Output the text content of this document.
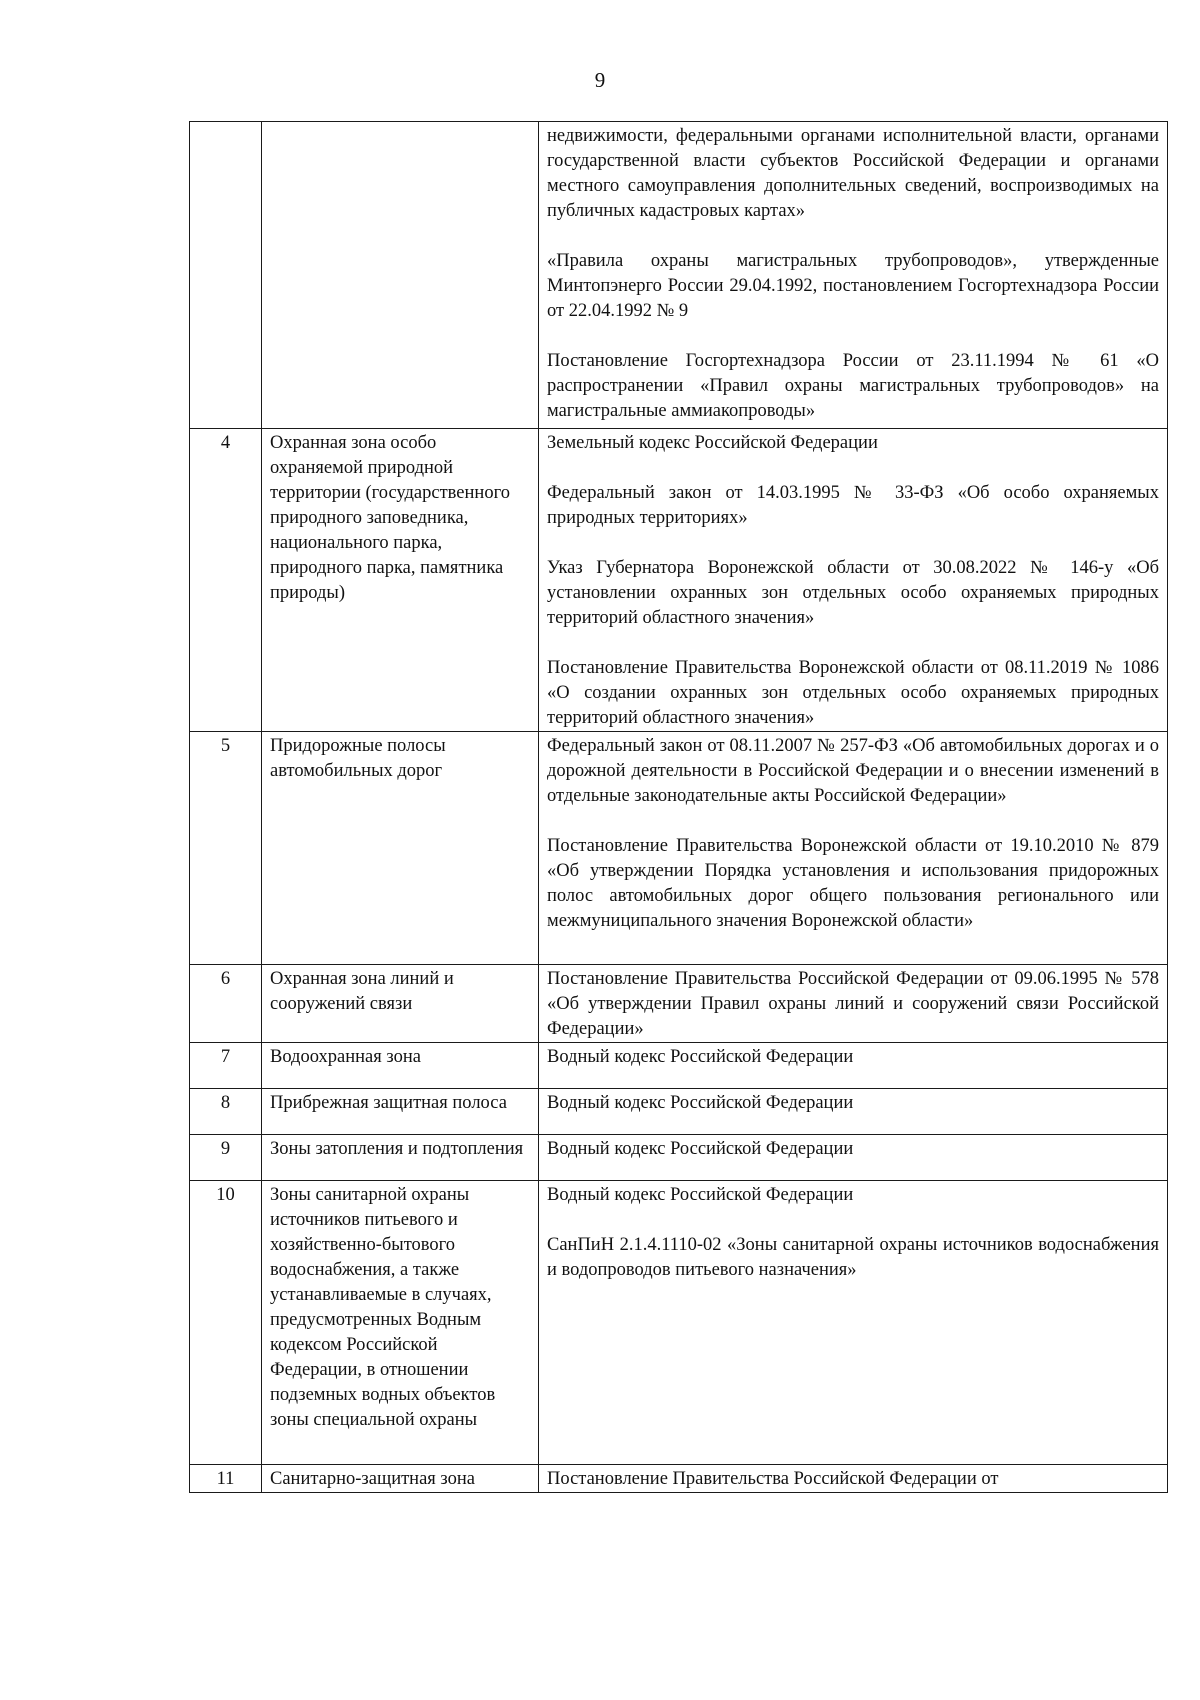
9

		недвижимости, федеральными органами исполнительной власти, органами государственной власти субъектов Российской Федерации и органами местного самоуправления дополнительных сведений, воспроизводимых на публичных кадастровых картах»
«Правила охраны магистральных трубопроводов», утвержденные Минтопэнерго России 29.04.1992, постановлением Госгортехнадзора России от 22.04.1992 № 9
Постановление Госгортехнадзора России от 23.11.1994 № 61 «О распространении «Правил охраны магистральных трубопроводов» на магистральные аммиакопроводы»

4	Охранная зона особо охраняемой природной территории (государственного природного заповедника, национального парка, природного парка, памятника природы)	Земельный кодекс Российской Федерации
Федеральный закон от 14.03.1995 № 33-ФЗ «Об особо охраняемых природных территориях»
Указ Губернатора Воронежской области от 30.08.2022 № 146-у «Об установлении охранных зон отдельных особо охраняемых природных территорий областного значения»
Постановление Правительства Воронежской области от 08.11.2019 № 1086 «О создании охранных зон отдельных особо охраняемых природных территорий областного значения»

5	Придорожные полосы автомобильных дорог	Федеральный закон от 08.11.2007 № 257-ФЗ «Об автомобильных дорогах и о дорожной деятельности в Российской Федерации и о внесении изменений в отдельные законодательные акты Российской Федерации»
Постановление Правительства Воронежской области от 19.10.2010 № 879 «Об утверждении Порядка установления и использования придорожных полос автомобильных дорог общего пользования регионального или межмуниципального значения Воронежской области»

6	Охранная зона линий и сооружений связи	Постановление Правительства Российской Федерации от 09.06.1995 № 578 «Об утверждении Правил охраны линий и сооружений связи Российской Федерации»

7	Водоохранная зона	Водный кодекс Российской Федерации

8	Прибрежная защитная полоса	Водный кодекс Российской Федерации

9	Зоны затопления и подтопления	Водный кодекс Российской Федерации

10	Зоны санитарной охраны источников питьевого и хозяйственно-бытового водоснабжения, а также устанавливаемые в случаях, предусмотренных Водным кодексом Российской Федерации, в отношении подземных водных объектов зоны специальной охраны	Водный кодекс Российской Федерации
СанПиН 2.1.4.1110-02 «Зоны санитарной охраны источников водоснабжения и водопроводов питьевого назначения»

11	Санитарно-защитная зона	Постановление Правительства Российской Федерации от
